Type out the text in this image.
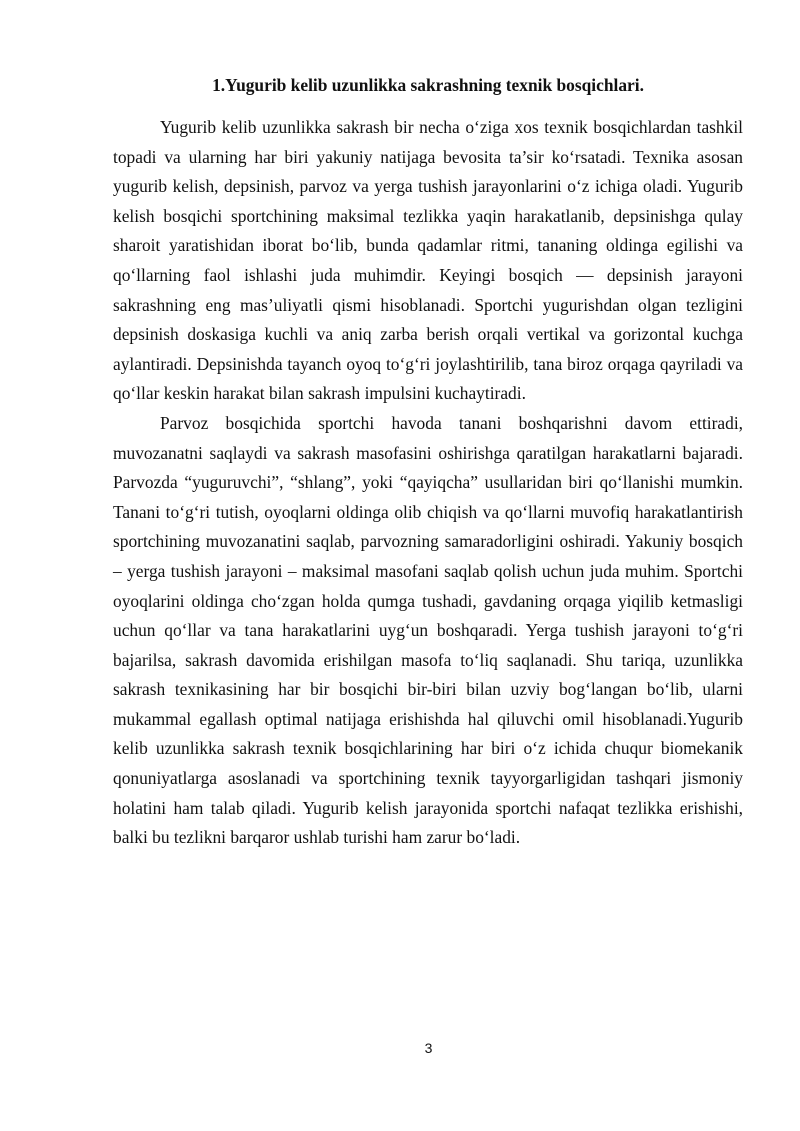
1.Yugurib kelib uzunlikka sakrashning texnik bosqichlari.

Yugurib kelib uzunlikka sakrash bir necha o‘ziga xos texnik bosqichlardan tashkil topadi va ularning har biri yakuniy natijaga bevosita ta’sir ko‘rsatadi. Texnika asosan yugurib kelish, depsinish, parvoz va yerga tushish jarayonlarini o‘z ichiga oladi. Yugurib kelish bosqichi sportchining maksimal tezlikka yaqin harakatlanib, depsinishga qulay sharoit yaratishidan iborat bo‘lib, bunda qadamlar ritmi, tananing oldinga egilishi va qo‘llarning faol ishlashi juda muhimdir. Keyingi bosqich — depsinish jarayoni sakrashning eng mas’uliyatli qismi hisoblanadi. Sportchi yugurishdan olgan tezligini depsinish doskasiga kuchli va aniq zarba berish orqali vertikal va gorizontal kuchga aylantiradi. Depsinishda tayanch oyoq to‘g‘ri joylashtirilib, tana biroz orqaga qayriladi va qo‘llar keskin harakat bilan sakrash impulsini kuchaytiradi.

Parvoz bosqichida sportchi havoda tanani boshqarishni davom ettiradi, muvozanatni saqlaydi va sakrash masofasini oshirishga qaratilgan harakatlarni bajaradi. Parvozda “yuguruvchi”, “shlang”, yoki “qayiqcha” usullaridan biri qo‘llanishi mumkin. Tanani to‘g‘ri tutish, oyoqlarni oldinga olib chiqish va qo‘llarni muvofiq harakatlantirish sportchining muvozanatini saqlab, parvozning samaradorligini oshiradi. Yakuniy bosqich – yerga tushish jarayoni – maksimal masofani saqlab qolish uchun juda muhim. Sportchi oyoqlarini oldinga cho‘zgan holda qumga tushadi, gavdaning orqaga yiqilib ketmasligi uchun qo‘llar va tana harakatlarini uyg‘un boshqaradi. Yerga tushish jarayoni to‘g‘ri bajarilsa, sakrash davomida erishilgan masofa to‘liq saqlanadi. Shu tariqa, uzunlikka sakrash texnikasining har bir bosqichi bir-biri bilan uzviy bog‘langan bo‘lib, ularni mukammal egallash optimal natijaga erishishda hal qiluvchi omil hisoblanadi.Yugurib kelib uzunlikka sakrash texnik bosqichlarining har biri o‘z ichida chuqur biomekanik qonuniyatlarga asoslanadi va sportchining texnik tayyorgarligidan tashqari jismoniy holatini ham talab qiladi. Yugurib kelish jarayonida sportchi nafaqat tezlikka erishishi, balki bu tezlikni barqaror ushlab turishi ham zarur bo‘ladi.

3
